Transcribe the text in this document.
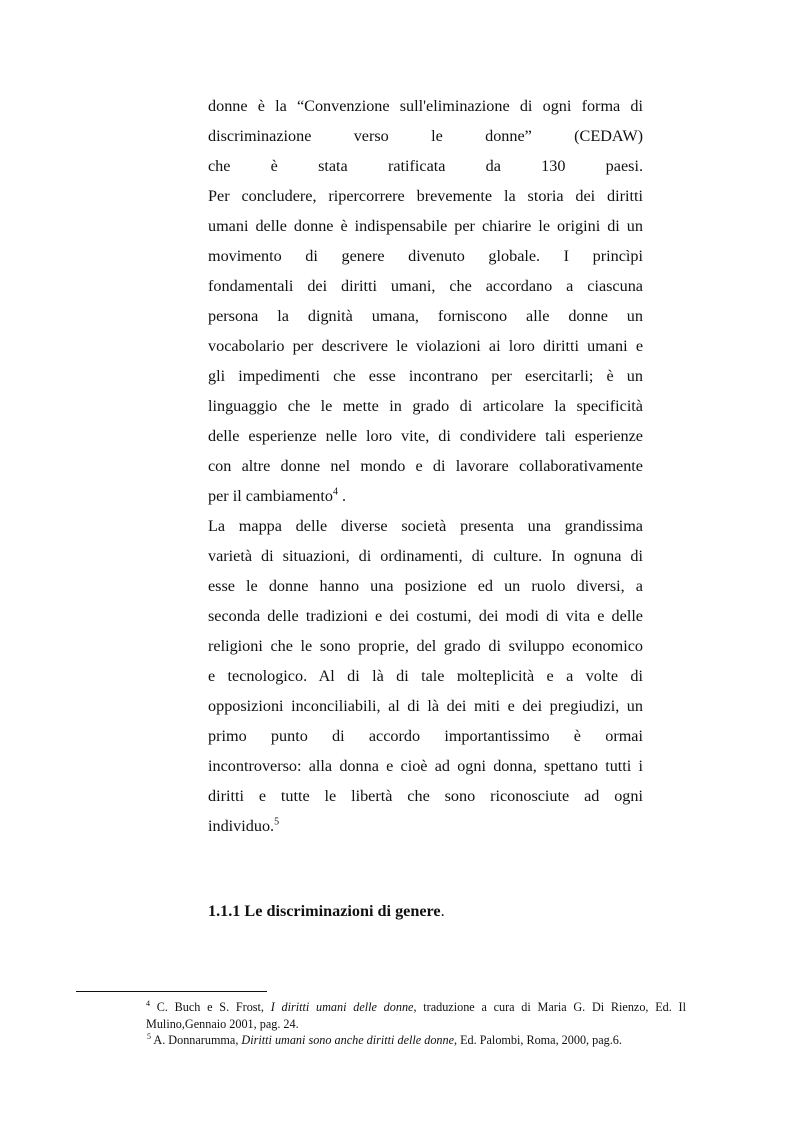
donne è la “Convenzione sull'eliminazione di ogni forma di
discriminazione verso le donne” (CEDAW)
che è stata ratificata da 130 paesi.
Per concludere, ripercorrere brevemente la storia dei diritti
umani delle donne è indispensabile per chiarire le origini di un
movimento di genere divenuto globale. I princìpi
fondamentali dei diritti umani, che accordano a ciascuna
persona la dignità umana, forniscono alle donne un
vocabolario per descrivere le violazioni ai loro diritti umani e
gli impedimenti che esse incontrano per esercitarli; è un
linguaggio che le mette in grado di articolare la specificità
delle esperienze nelle loro vite, di condividere tali esperienze
con altre donne nel mondo e di lavorare collaborativamente
per il cambiamento$^4$ .
La mappa delle diverse società presenta una grandissima
varietà di situazioni, di ordinamenti, di culture. In ognuna di
esse le donne hanno una posizione ed un ruolo diversi, a
seconda delle tradizioni e dei costumi, dei modi di vita e delle
religioni che le sono proprie, del grado di sviluppo economico
e tecnologico. Al di là di tale molteplicità e a volte di
opposizioni inconciliabili, al di là dei miti e dei pregiudizi, un
primo punto di accordo importantissimo è ormai
incontroverso: alla donna e cioè ad ogni donna, spettano tutti i
diritti e tutte le libertà che sono riconosciute ad ogni
individuo.$^5$
1.1.1 Le discriminazioni di genere.
$^4$ C. Buch e S. Frost, I diritti umani delle donne, traduzione a cura di Maria G. Di Rienzo, Ed. Il
Mulino,Gennaio 2001, pag. 24.
 $^5$ A. Donnarumma, Diritti umani sono anche diritti delle donne, Ed. Palombi, Roma, 2000, pag.6.
